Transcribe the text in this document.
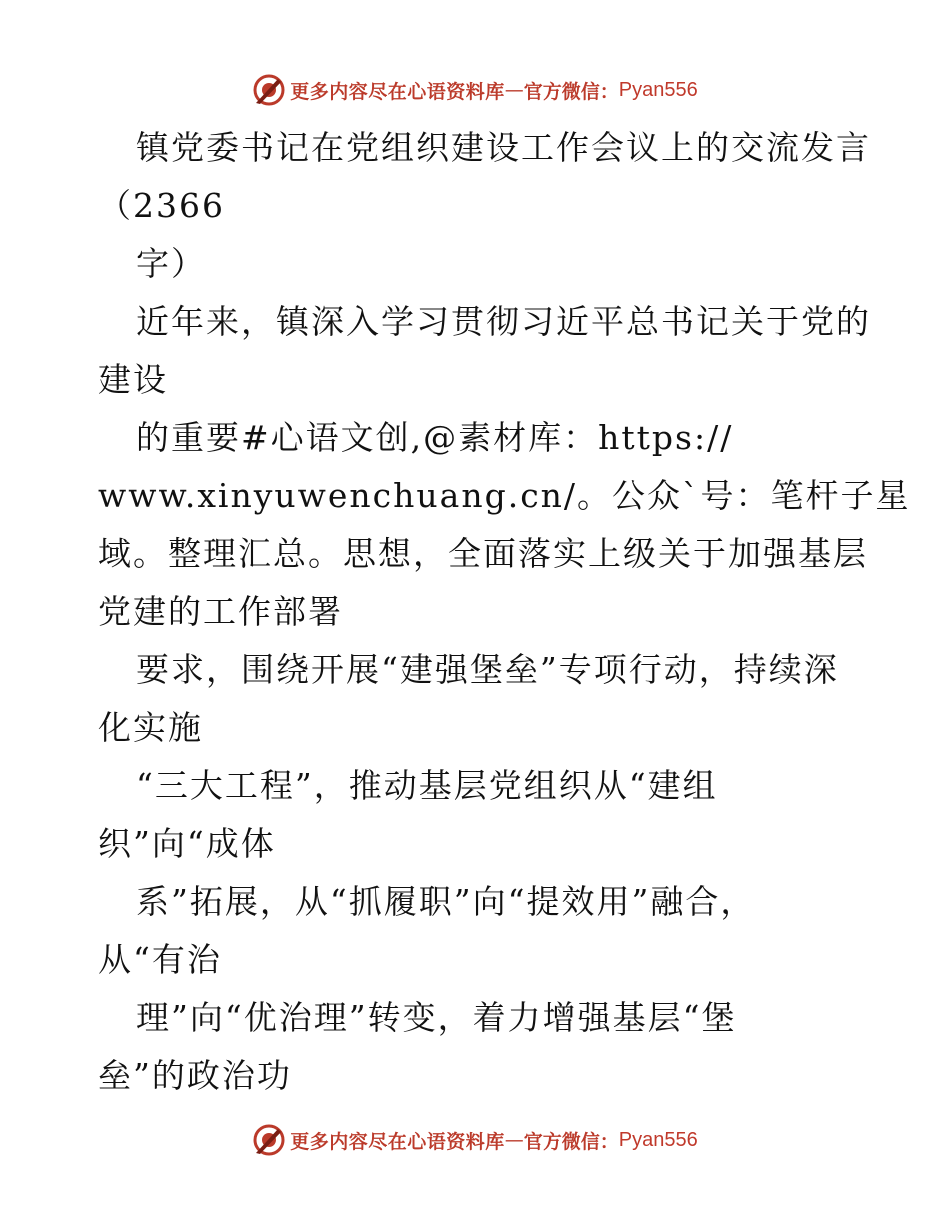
更多内容尽在心语资料库 — 官方微信： Pyan556
镇党委书记在党组织建设工作会议上的交流发言
（2366
字）
近年来，镇深入学习贯彻习近平总书记关于党的
建设
的重要#心语文创,@素材库：https://
www.xinyuwenchuang.cn/。公众`号：笔杆子星
域。整理汇总。思想，全面落实上级关于加强基层
党建的工作部署
要求，围绕开展“建强堡垒”专项行动，持续深
化实施
“三大工程”，推动基层党组织从“建组
织”向“成体
系”拓展，从“抓履职”向“提效用”融合，
从“有治
理”向“优治理”转变，着力增强基层“堡
垒”的政治功
更多内容尽在心语资料库 — 官方微信： Pyan556
